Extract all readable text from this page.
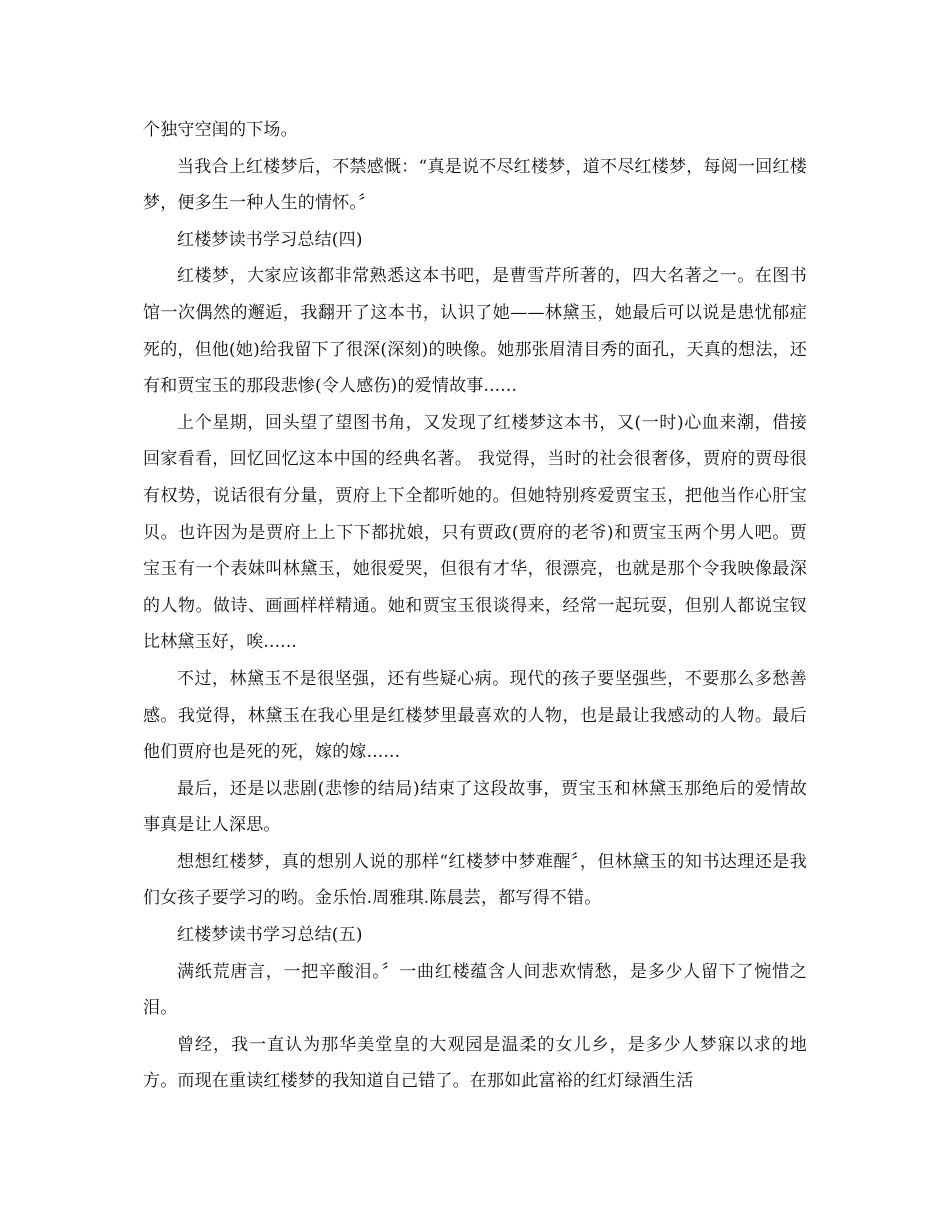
个独守空闺的下场。

当我合上红楼梦后，不禁感慨：“真是说不尽红楼梦，道不尽红楼梦，每阅一回红楼梦，便多生一种人生的情怀。〞

红楼梦读书学习总结(四)

红楼梦，大家应该都非常熟悉这本书吧，是曹雪芹所著的，四大名著之一。在图书馆一次偶然的邂逅，我翻开了这本书，认识了她——林黛玉，她最后可以说是患忧郁症死的，但他(她)给我留下了很深(深刻)的映像。她那张眉清目秀的面孔，天真的想法，还有和贾宝玉的那段悲惨(令人感伤)的爱情故事......

上个星期，回头望了望图书角，又发现了红楼梦这本书，又(一时)心血来潮，借接回家看看，回忆回忆这本中国的经典名著。 我觉得，当时的社会很奢侈，贾府的贾母很有权势，说话很有分量，贾府上下全都听她的。但她特别疼爱贾宝玉，把他当作心肝宝贝。也许因为是贾府上上下下都扰娘，只有贾政(贾府的老爷)和贾宝玉两个男人吧。贾宝玉有一个表妹叫林黛玉，她很爱哭，但很有才华，很漂亮，也就是那个令我映像最深的人物。做诗、画画样样精通。她和贾宝玉很谈得来，经常一起玩耍，但别人都说宝钗比林黛玉好，唉......

不过，林黛玉不是很坚强，还有些疑心病。现代的孩子要坚强些，不要那么多愁善感。我觉得，林黛玉在我心里是红楼梦里最喜欢的人物，也是最让我感动的人物。最后他们贾府也是死的死，嫁的嫁......

最后，还是以悲剧(悲惨的结局)结束了这段故事，贾宝玉和林黛玉那绝后的爱情故事真是让人深思。

想想红楼梦，真的想别人说的那样“红楼梦中梦难醒〞，但林黛玉的知书达理还是我们女孩子要学习的哟。金乐怡.周雅琪.陈晨芸，都写得不错。

红楼梦读书学习总结(五)

满纸荒唐言，一把辛酸泪。〞一曲红楼蕴含人间悲欢情愁，是多少人留下了惋惜之泪。

曾经，我一直认为那华美堂皇的大观园是温柔的女儿乡，是多少人梦寐以求的地方。而现在重读红楼梦的我知道自己错了。在那如此富裕的红灯绿酒生活
